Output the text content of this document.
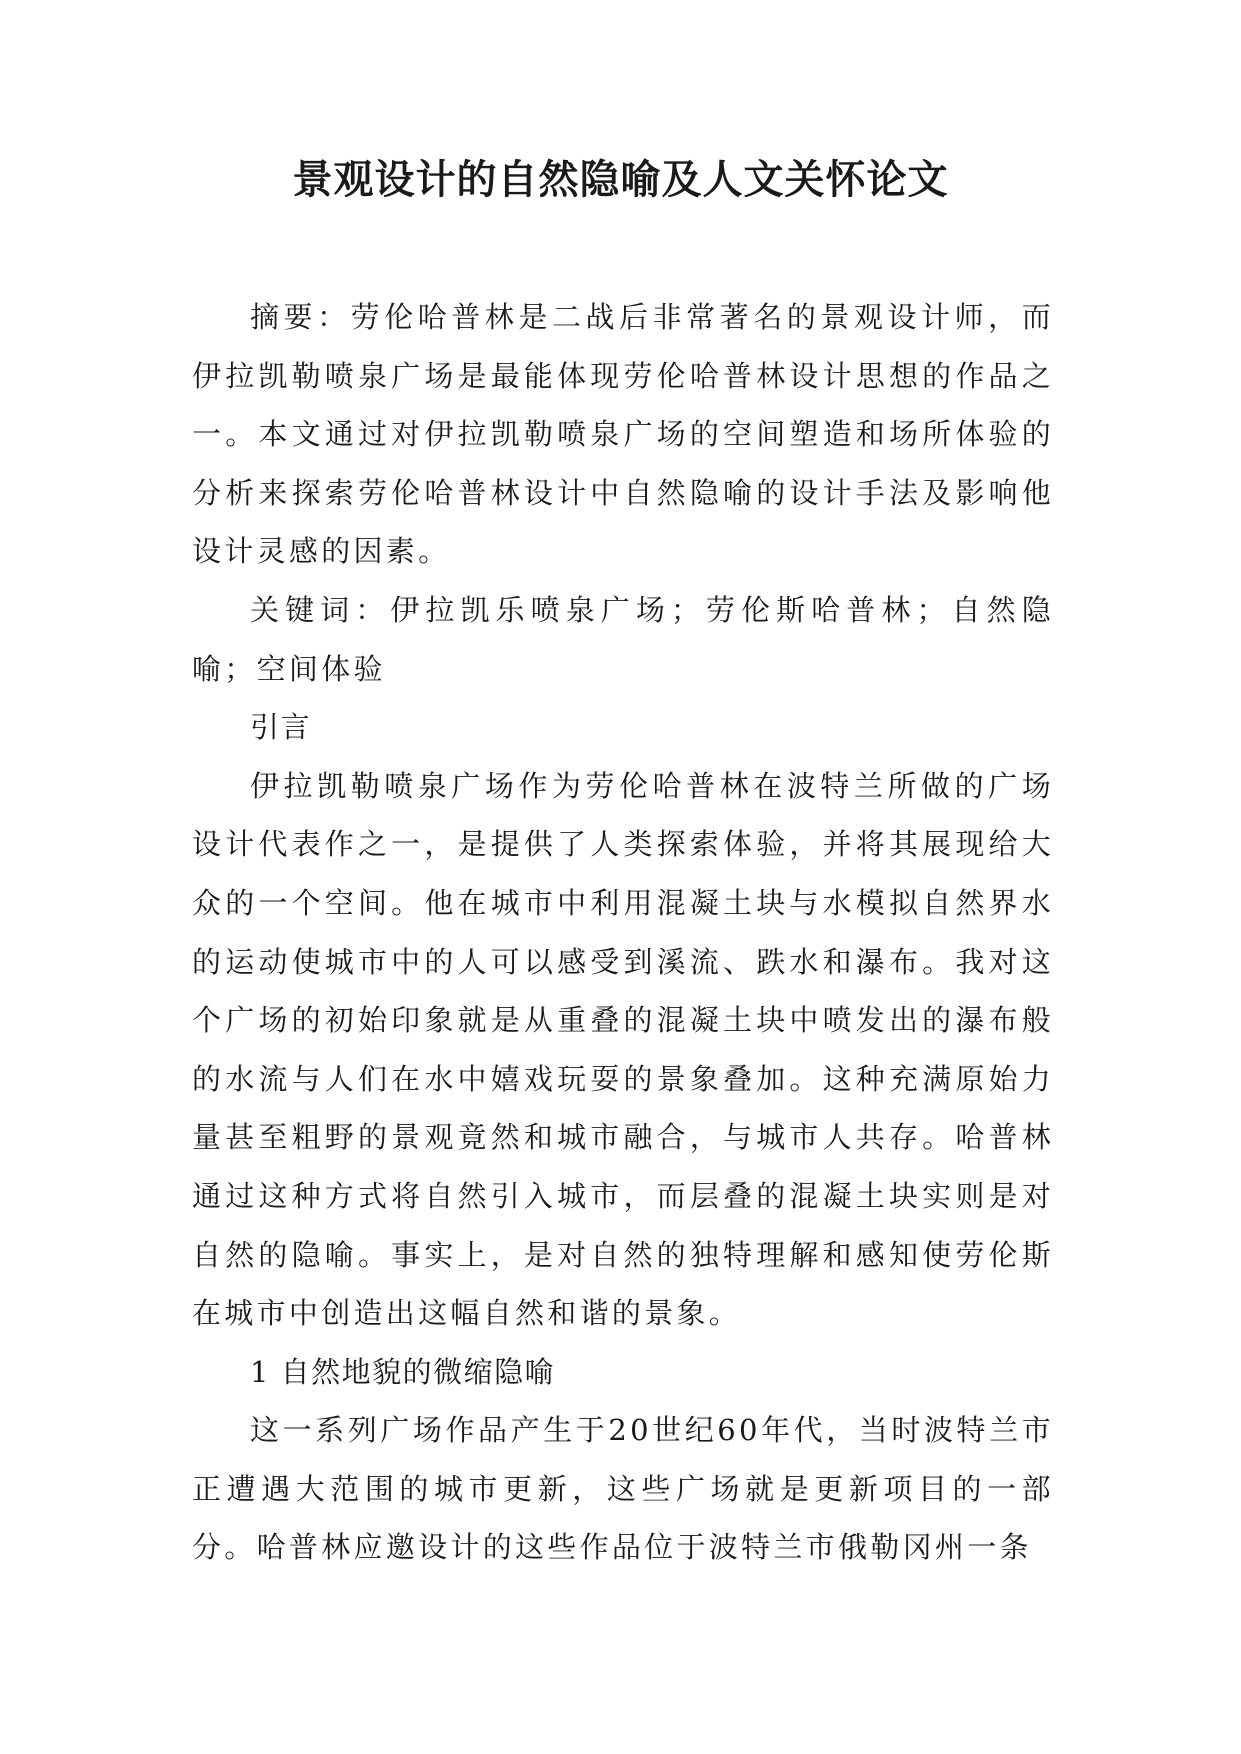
景观设计的自然隐喻及人文关怀论文

摘要：劳伦哈普林是二战后非常著名的景观设计师，而伊拉凯勒喷泉广场是最能体现劳伦哈普林设计思想的作品之一。本文通过对伊拉凯勒喷泉广场的空间塑造和场所体验的分析来探索劳伦哈普林设计中自然隐喻的设计手法及影响他设计灵感的因素。

关键词：伊拉凯乐喷泉广场；劳伦斯哈普林；自然隐喻；空间体验

引言

伊拉凯勒喷泉广场作为劳伦哈普林在波特兰所做的广场设计代表作之一，是提供了人类探索体验，并将其展现给大众的一个空间。他在城市中利用混凝土块与水模拟自然界水的运动使城市中的人可以感受到溪流、跌水和瀑布。我对这个广场的初始印象就是从重叠的混凝土块中喷发出的瀑布般的水流与人们在水中嬉戏玩耍的景象叠加。这种充满原始力量甚至粗野的景观竟然和城市融合，与城市人共存。哈普林通过这种方式将自然引入城市，而层叠的混凝土块实则是对自然的隐喻。事实上，是对自然的独特理解和感知使劳伦斯在城市中创造出这幅自然和谐的景象。

1 自然地貌的微缩隐喻

这一系列广场作品产生于20世纪60年代，当时波特兰市正遭遇大范围的城市更新，这些广场就是更新项目的一部分。哈普林应邀设计的这些作品位于波特兰市俄勒冈州一条
